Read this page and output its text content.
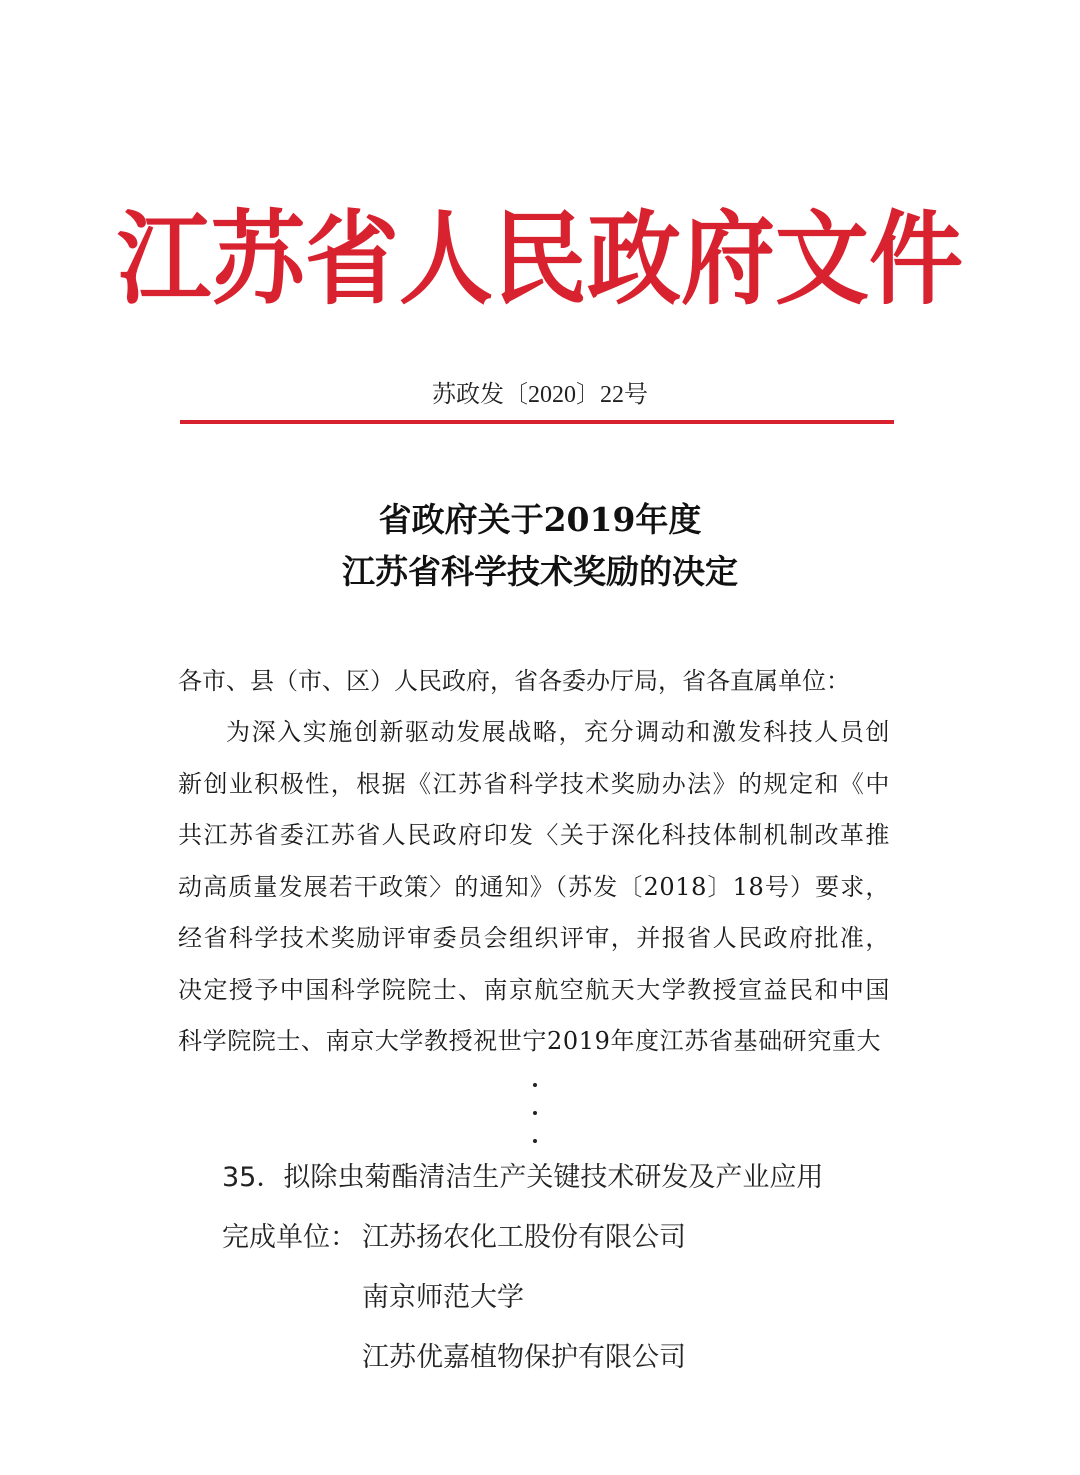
江苏省人民政府文件
苏政发〔2020〕22号
省政府关于2019年度
江苏省科学技术奖励的决定
各市、县（市、区）人民政府，省各委办厅局，省各直属单位：
为深入实施创新驱动发展战略，充分调动和激发科技人员创新创业积极性，根据《江苏省科学技术奖励办法》的规定和《中共江苏省委江苏省人民政府印发〈关于深化科技体制机制改革推动高质量发展若干政策〉的通知》（苏发〔2018〕18号）要求，经省科学技术奖励评审委员会组织评审，并报省人民政府批准，决定授予中国科学院院士、南京航空航天大学教授宣益民和中国科学院院士、南京大学教授祝世宁2019年度江苏省基础研究重大
35．拟除虫菊酯清洁生产关键技术研发及产业应用
完成单位： 江苏扬农化工股份有限公司
南京师范大学
江苏优嘉植物保护有限公司
